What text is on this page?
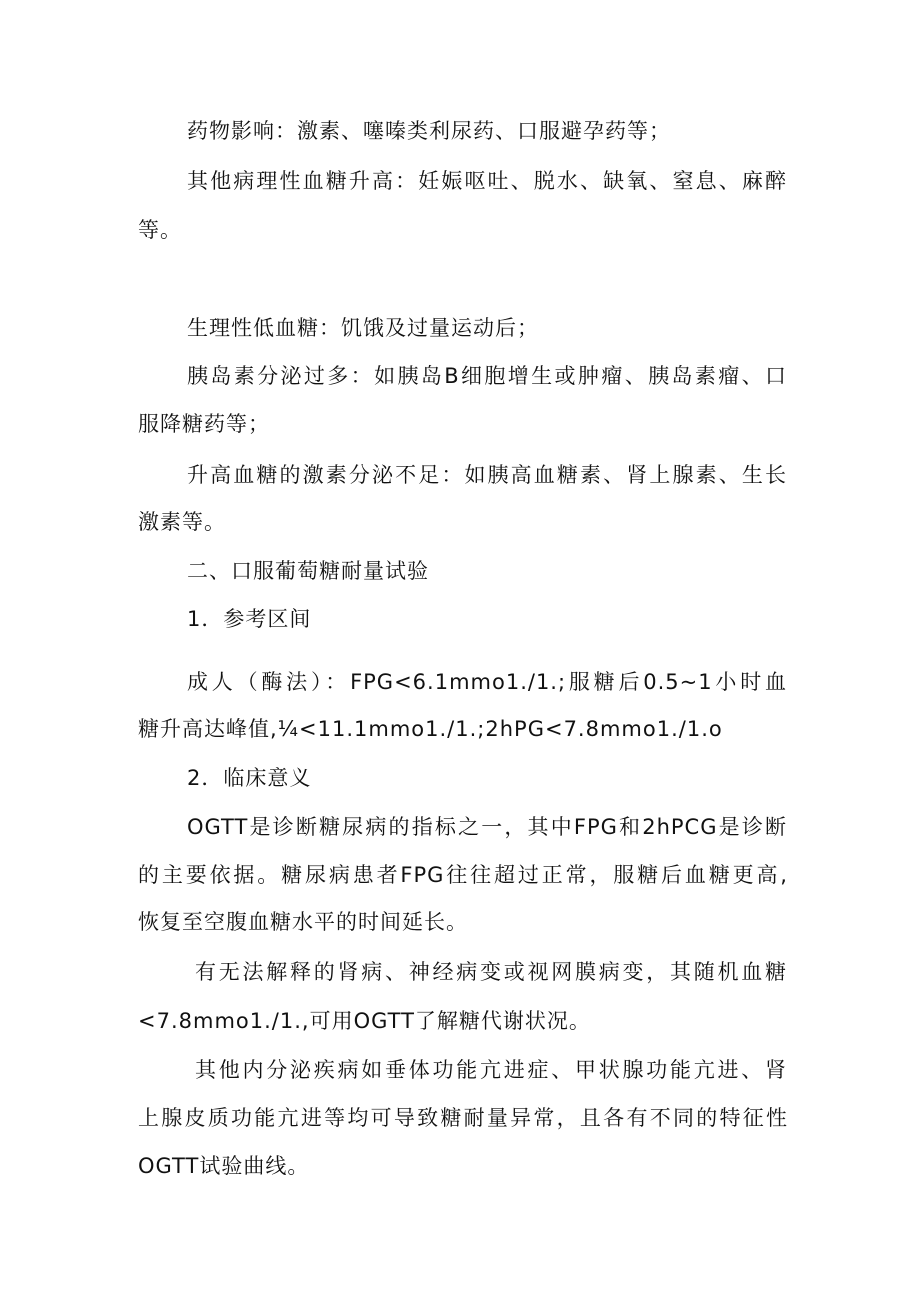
药物影响：激素、噻嗪类利尿药、口服避孕药等；
其他病理性血糖升高：妊娠呕吐、脱水、缺氧、窒息、麻醉
等。
生理性低血糖：饥饿及过量运动后；
胰岛素分泌过多：如胰岛B细胞增生或肿瘤、胰岛素瘤、口
服降糖药等；
升高血糖的激素分泌不足：如胰高血糖素、肾上腺素、生长
激素等。
二、口服葡萄糖耐量试验
1．参考区间
成人（酶法）：FPG<6.1mmo1./1.;服糖后0.5~1小时血
糖升高达峰值,¼<11.1mmo1./1.;2hPG<7.8mmo1./1.o
2．临床意义
OGTT是诊断糖尿病的指标之一，其中FPG和2hPCG是诊断
的主要依据。糖尿病患者FPG往往超过正常，服糖后血糖更高,
恢复至空腹血糖水平的时间延长。
有无法解释的肾病、神经病变或视网膜病变，其随机血糖
<7.8mmo1./1.,可用OGTT了解糖代谢状况。
其他内分泌疾病如垂体功能亢进症、甲状腺功能亢进、肾
上腺皮质功能亢进等均可导致糖耐量异常，且各有不同的特征性
OGTT试验曲线。
